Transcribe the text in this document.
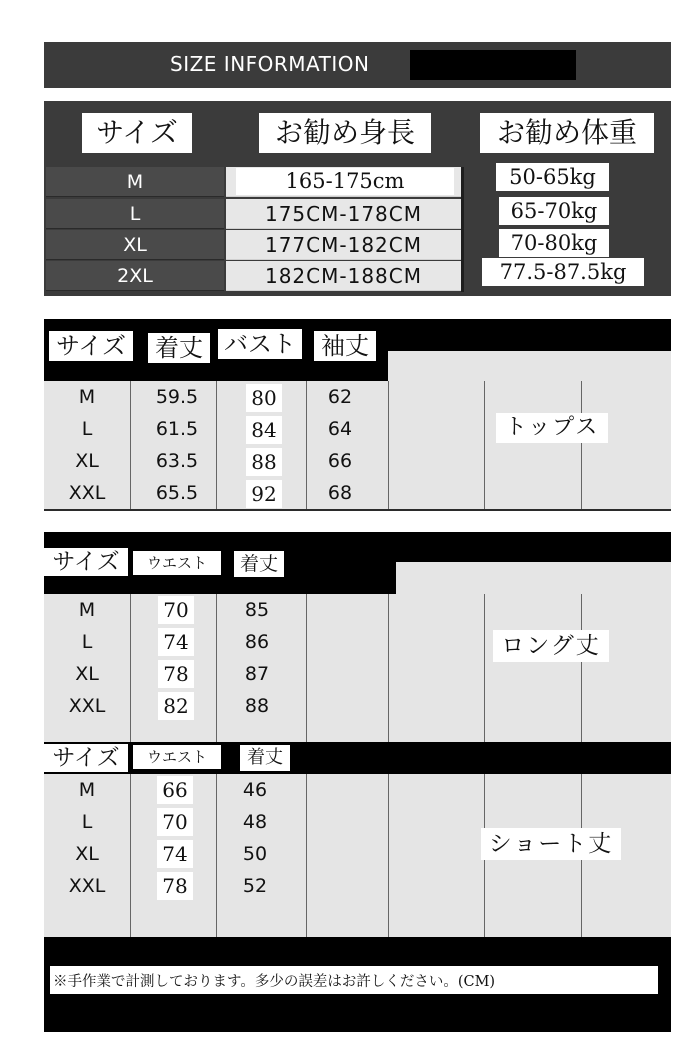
SIZE INFORMATION
サイズ	お勧め身長	お勧め体重
M	165-175cm	50-65kg
L	175CM-178CM	65-70kg
XL	177CM-182CM	70-80kg
2XL	182CM-188CM	77.5-87.5kg
サイズ 着丈 バスト 袖丈
M	59.5	80	62
L	61.5	84	64
XL	63.5	88	66
XXL	65.5	92	68
トップス
サイズ	ウエスト	着丈
M	70	85
L	74	86
XL	78	87
XXL	82	88
ロング丈
サイズ	ウエスト	着丈
M	66	46
L	70	48
XL	74	50
XXL	78	52
ショート丈
※手作業で計測しております。多少の誤差はお許しください。(CM)
